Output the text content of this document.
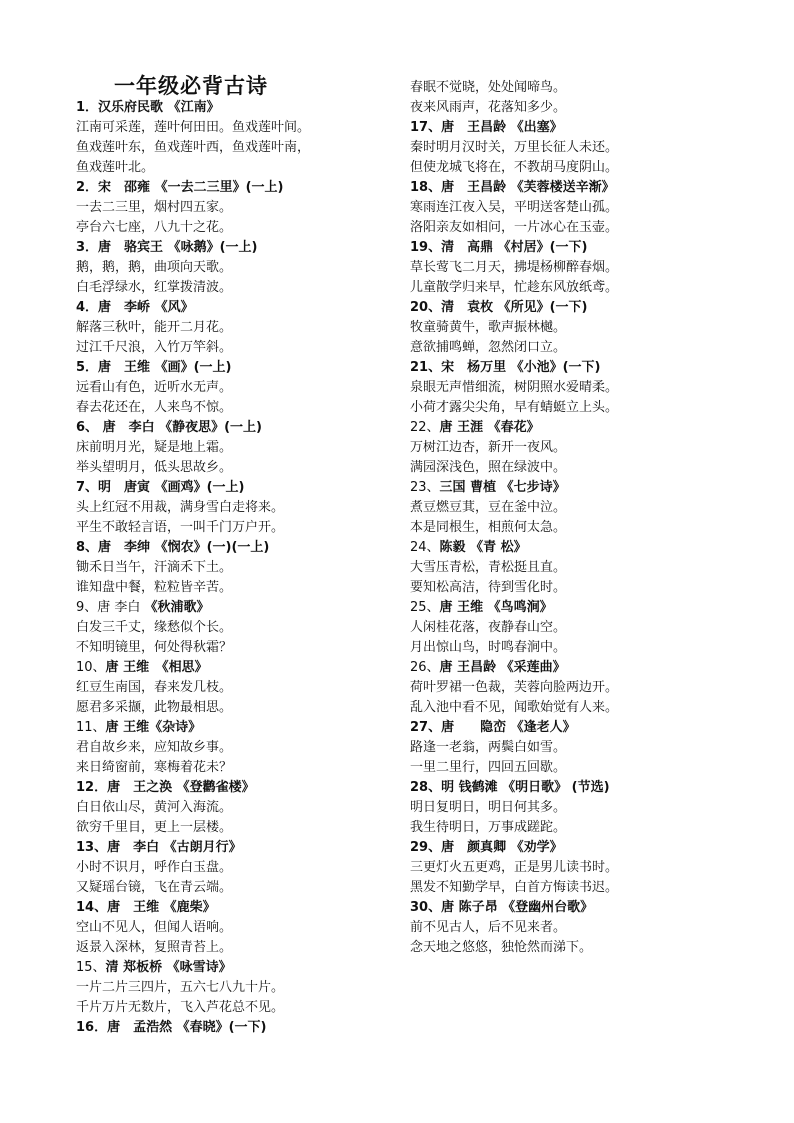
一年级必背古诗
1．汉乐府民歌 《江南》
江南可采莲，莲叶何田田。鱼戏莲叶间。
鱼戏莲叶东，鱼戏莲叶西，鱼戏莲叶南，
鱼戏莲叶北。
2．宋　邵雍 《一去二三里》(一上)
一去二三里，烟村四五家。
亭台六七座，八九十之花。
3．唐　骆宾王 《咏鹅》(一上)
鹅，鹅，鹅，曲项向天歌。
白毛浮绿水，红掌拨清波。
4．唐　李峤 《风》
解落三秋叶，能开二月花。
过江千尺浪，入竹万竿斜。
5．唐　王维 《画》(一上)
远看山有色，近听水无声。
春去花还在，人来鸟不惊。
6、 唐　李白 《静夜思》(一上)
床前明月光，疑是地上霜。
举头望明月，低头思故乡。
7、明　唐寅 《画鸡》(一上)
头上红冠不用裁，满身雪白走将来。
平生不敢轻言语，一叫千门万户开。
8、唐　李绅 《悯农》(一)(一上)
锄禾日当午，汗滴禾下土。
谁知盘中餐，粒粒皆辛苦。
9、唐 李白 《秋浦歌》
白发三千丈，缘愁似个长。
不知明镜里，何处得秋霜？
10、唐 王维　《相思》
红豆生南国，春来发几枝。
愿君多采撷，此物最相思。
11、唐 王维《杂诗》
君自故乡来，应知故乡事。
来日绮窗前，寒梅着花未？
12．唐　王之涣 《登鹳雀楼》
白日依山尽，黄河入海流。
欲穷千里目，更上一层楼。
13、唐　李白 《古朗月行》
小时不识月，呼作白玉盘。
又疑瑶台镜，飞在青云端。
14、唐　王维 《鹿柴》
空山不见人，但闻人语响。
返景入深林，复照青苔上。
15、清 郑板桥 《咏雪诗》
一片二片三四片，五六七八九十片。
千片万片无数片，飞入芦花总不见。
16．唐　孟浩然 《春晓》(一下)
春眠不觉晓，处处闻啼鸟。
夜来风雨声，花落知多少。
17、唐　王昌龄 《出塞》
秦时明月汉时关，万里长征人未还。
但使龙城飞将在，不教胡马度阴山。
18、唐　王昌龄 《芙蓉楼送辛渐》
寒雨连江夜入吴，平明送客楚山孤。
洛阳亲友如相问，一片冰心在玉壶。
19、清　高鼎 《村居》(一下)
草长莺飞二月天，拂堤杨柳醉春烟。
儿童散学归来早，忙趁东风放纸鸢。
20、清　袁枚 《所见》(一下)
牧童骑黄牛，歌声振林樾。
意欲捕鸣蝉，忽然闭口立。
21、宋　杨万里 《小池》(一下)
泉眼无声惜细流，树阴照水爱晴柔。
小荷才露尖尖角，早有蜻蜓立上头。
22、唐 王涯 《春花》
万树江边杏，新开一夜风。
满园深浅色，照在绿波中。
23、三国 曹植 《七步诗》
煮豆燃豆萁，豆在釜中泣。
本是同根生，相煎何太急。
24、陈毅 《青 松》
大雪压青松，青松挺且直。
要知松高洁，待到雪化时。
25、唐 王维 《鸟鸣涧》
人闲桂花落，夜静春山空。
月出惊山鸟，时鸣春涧中。
26、唐 王昌龄 《采莲曲》
荷叶罗裙一色裁，芙蓉向脸两边开。
乱入池中看不见，闻歌始觉有人来。
27、唐　　隐峦 《逢老人》
路逢一老翁，两鬓白如雪。
一里二里行，四回五回歇。
28、明 钱鹤滩 《明日歌》 (节选)
明日复明日，明日何其多。
我生待明日，万事成蹉跎。
29、唐　颜真卿 《劝学》
三更灯火五更鸡，正是男儿读书时。
黑发不知勤学早，白首方悔读书迟。
30、唐 陈子昂 《登幽州台歌》
前不见古人，后不见来者。
念天地之悠悠，独怆然而涕下。
